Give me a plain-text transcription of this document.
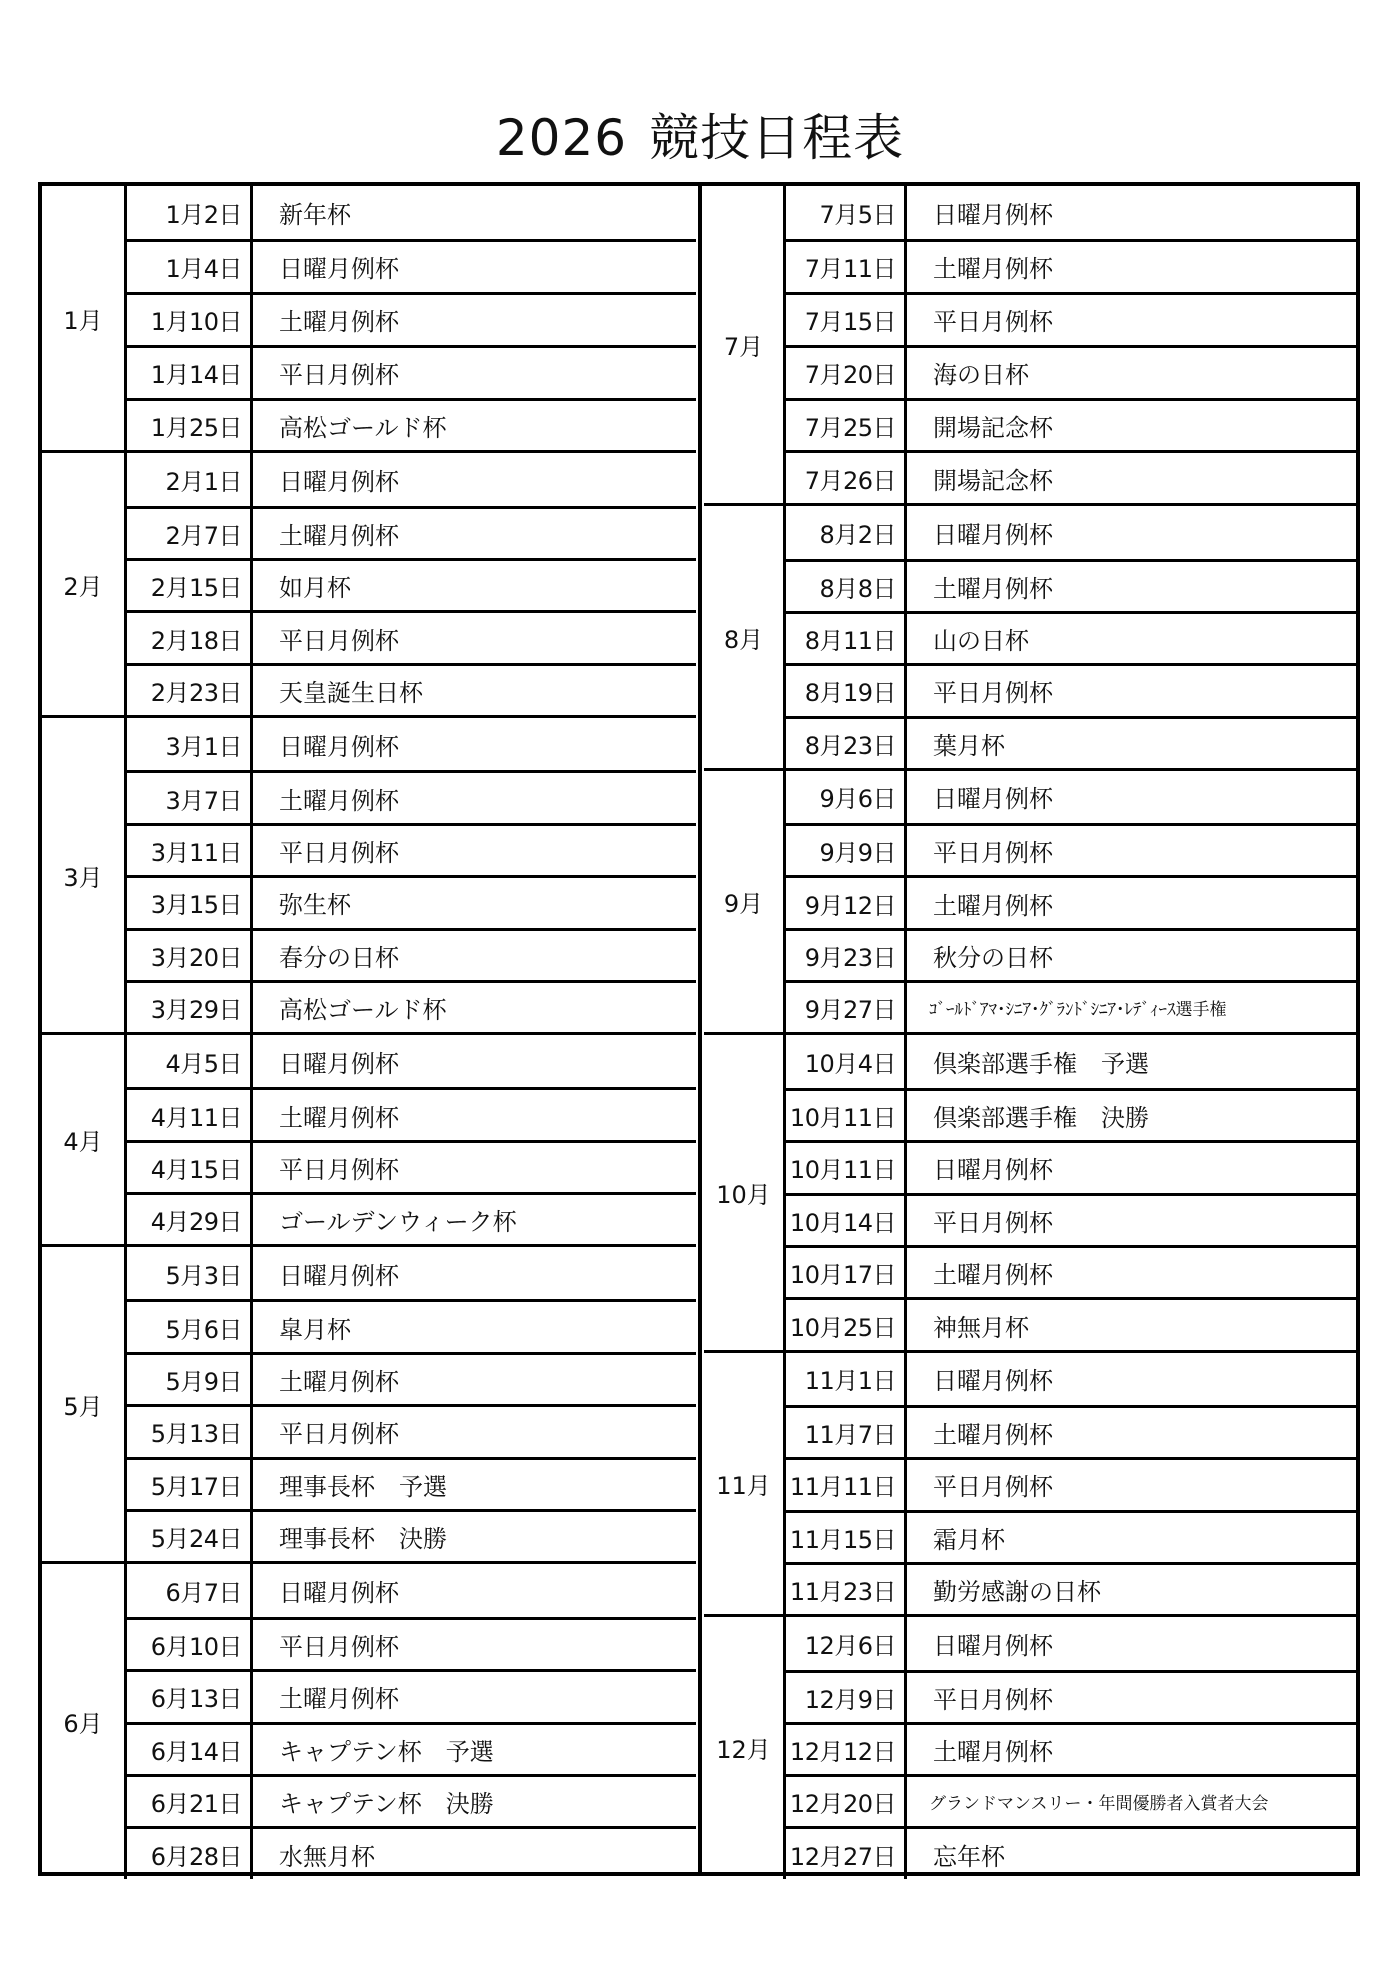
2026 競技日程表
1月
1月2日	新年杯
1月4日	日曜月例杯
1月10日	土曜月例杯
1月14日	平日月例杯
1月25日	高松ゴールド杯
2月
2月1日	日曜月例杯
2月7日	土曜月例杯
2月15日	如月杯
2月18日	平日月例杯
2月23日	天皇誕生日杯
3月
3月1日	日曜月例杯
3月7日	土曜月例杯
3月11日	平日月例杯
3月15日	弥生杯
3月20日	春分の日杯
3月29日	高松ゴールド杯
4月
4月5日	日曜月例杯
4月11日	土曜月例杯
4月15日	平日月例杯
4月29日	ゴールデンウィーク杯
5月
5月3日	日曜月例杯
5月6日	皐月杯
5月9日	土曜月例杯
5月13日	平日月例杯
5月17日	理事長杯　予選
5月24日	理事長杯　決勝
6月
6月7日	日曜月例杯
6月10日	平日月例杯
6月13日	土曜月例杯
6月14日	キャプテン杯　予選
6月21日	キャプテン杯　決勝
6月28日	水無月杯
7月
7月5日	日曜月例杯
7月11日	土曜月例杯
7月15日	平日月例杯
7月20日	海の日杯
7月25日	開場記念杯
7月26日	開場記念杯
8月
8月2日	日曜月例杯
8月8日	土曜月例杯
8月11日	山の日杯
8月19日	平日月例杯
8月23日	葉月杯
9月
9月6日	日曜月例杯
9月9日	平日月例杯
9月12日	土曜月例杯
9月23日	秋分の日杯
9月27日	ｺﾞｰﾙﾄﾞｱﾏ･ｼﾆｱ･ｸﾞﾗﾝﾄﾞｼﾆｱ･ﾚﾃﾞｨｰｽ選手権
10月
10月4日	倶楽部選手権　予選
10月11日	倶楽部選手権　決勝
10月11日	日曜月例杯
10月14日	平日月例杯
10月17日	土曜月例杯
10月25日	神無月杯
11月
11月1日	日曜月例杯
11月7日	土曜月例杯
11月11日	平日月例杯
11月15日	霜月杯
11月23日	勤労感謝の日杯
12月
12月6日	日曜月例杯
12月9日	平日月例杯
12月12日	土曜月例杯
12月20日	グランドマンスリー・年間優勝者入賞者大会
12月27日	忘年杯
